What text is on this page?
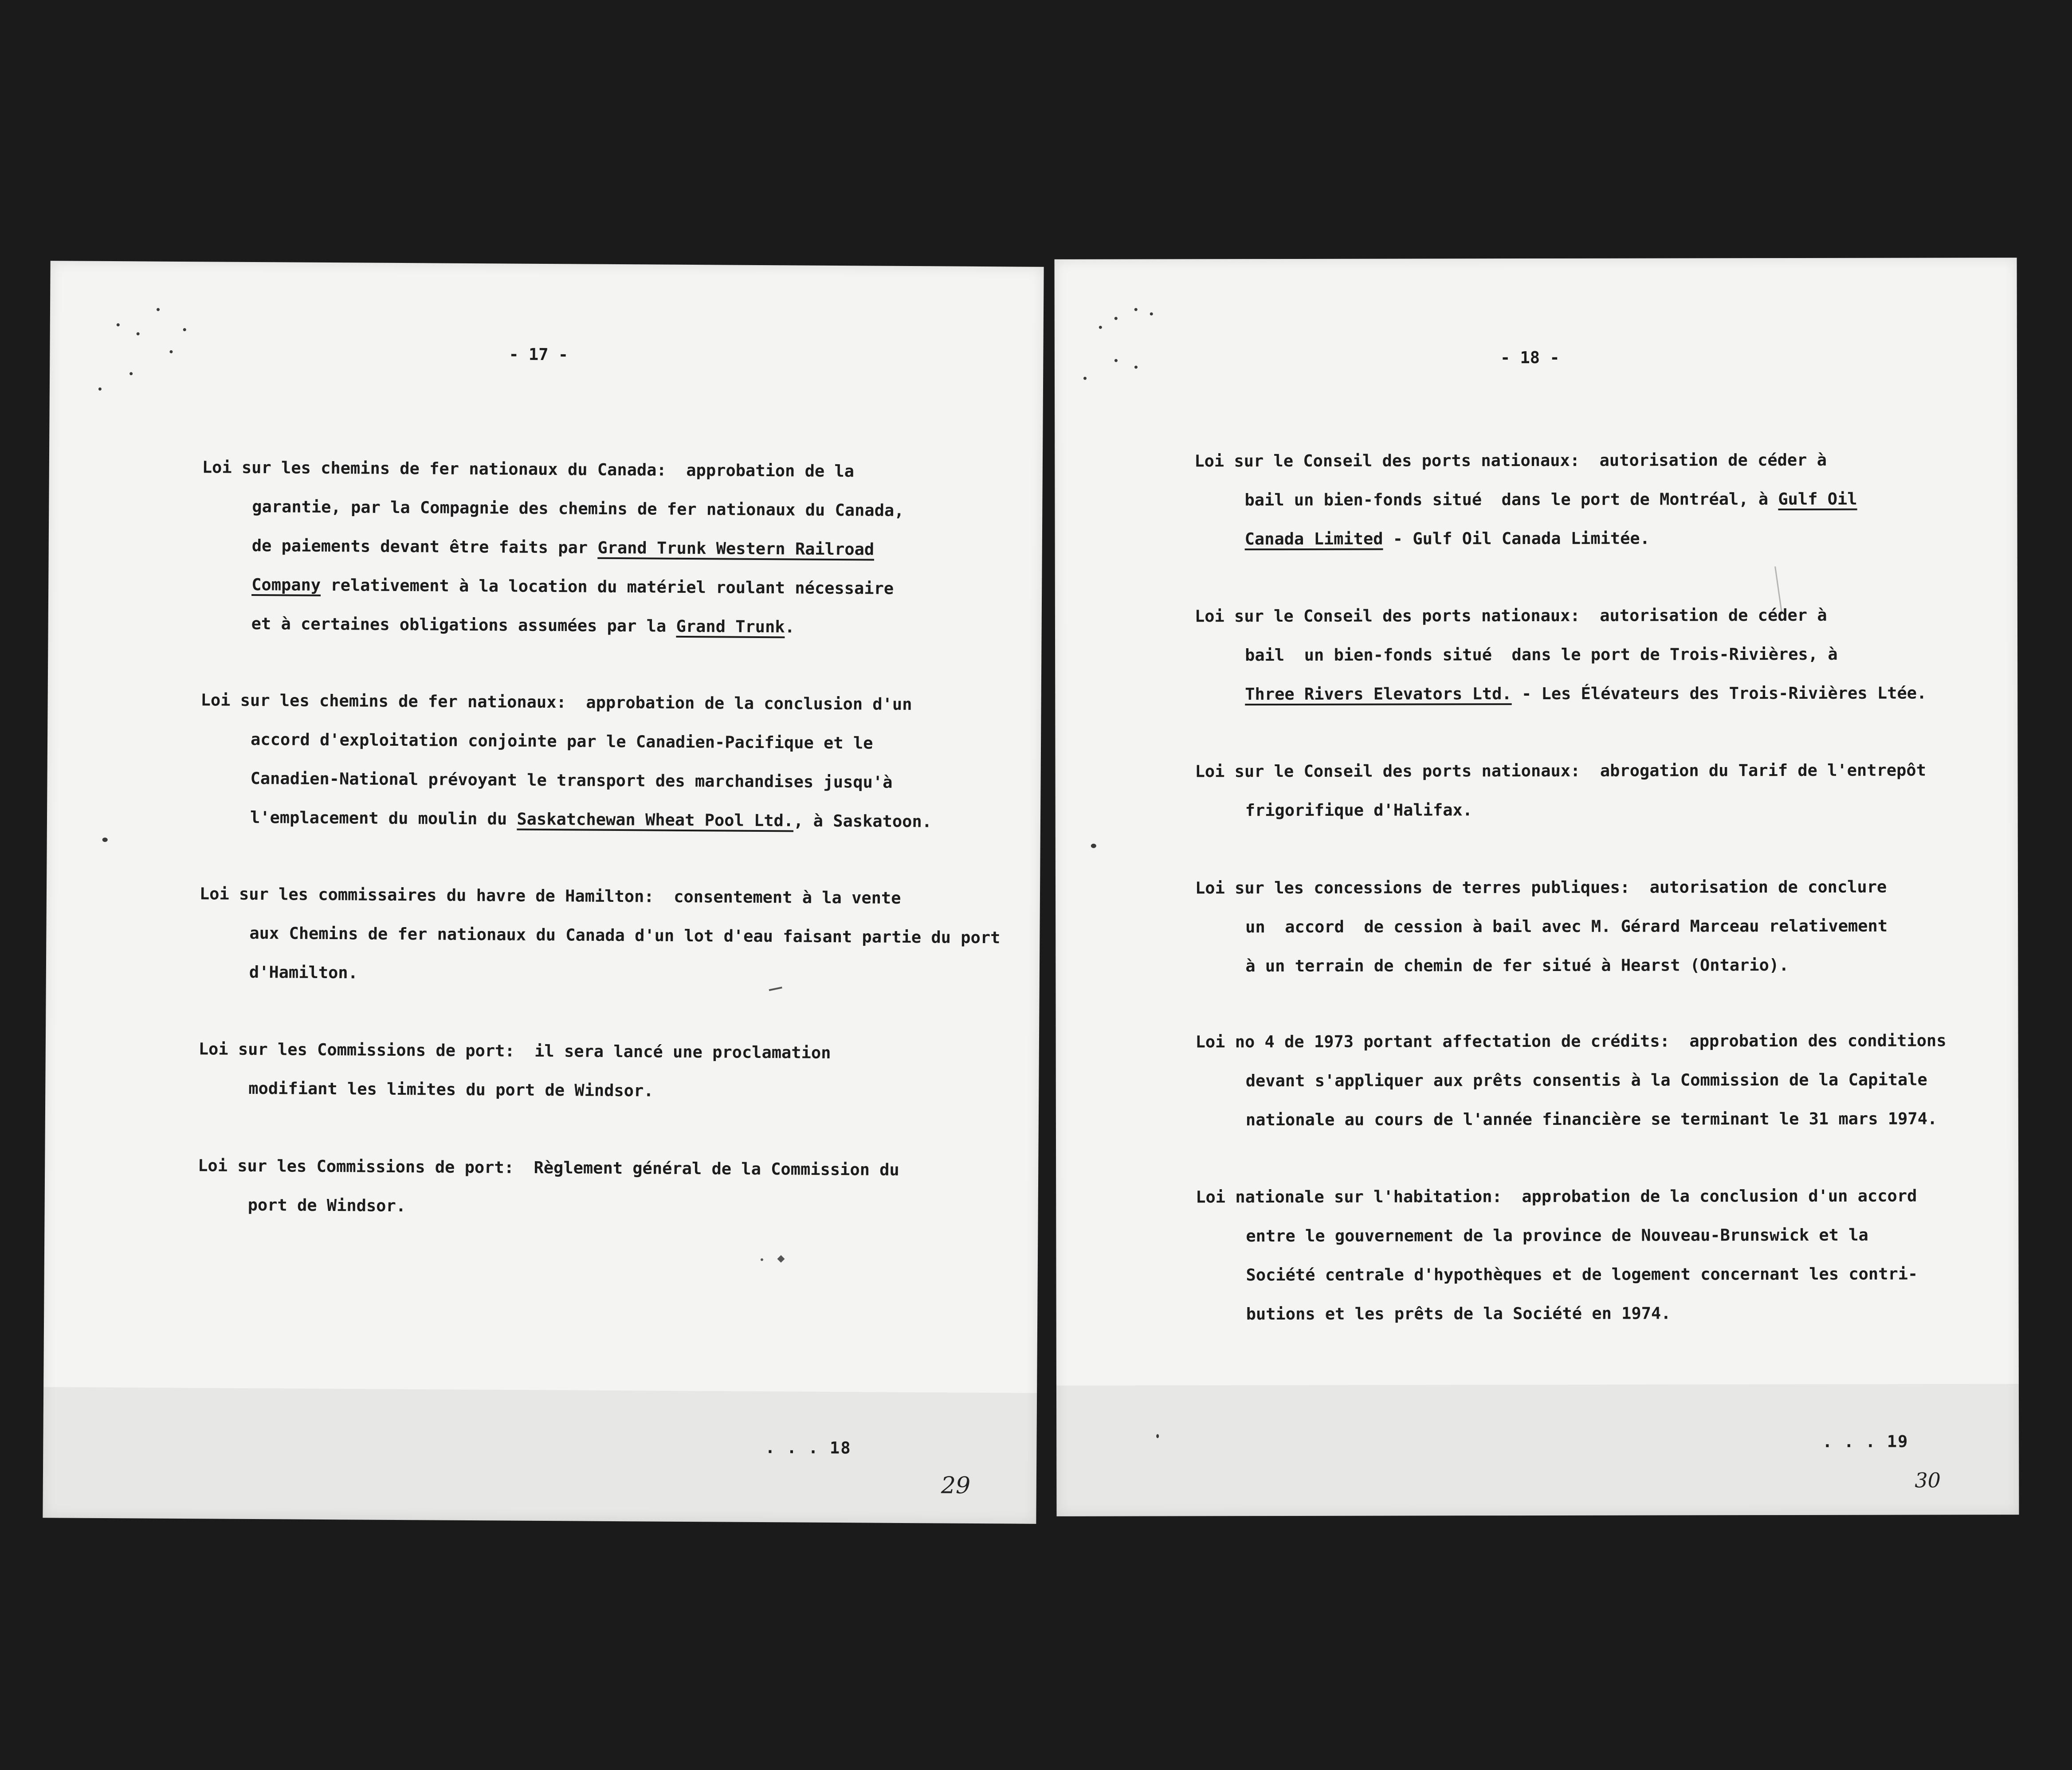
- 17 -
Loi sur les chemins de fer nationaux du Canada:  approbation de la
garantie, par la Compagnie des chemins de fer nationaux du Canada,
de paiements devant être faits par Grand Trunk Western Railroad
Company relativement à la location du matériel roulant nécessaire
et à certaines obligations assumées par la Grand Trunk.
Loi sur les chemins de fer nationaux:  approbation de la conclusion d'un
accord d'exploitation conjointe par le Canadien-Pacifique et le
Canadien-National prévoyant le transport des marchandises jusqu'à
l'emplacement du moulin du Saskatchewan Wheat Pool Ltd., à Saskatoon.
Loi sur les commissaires du havre de Hamilton:  consentement à la vente
aux Chemins de fer nationaux du Canada d'un lot d'eau faisant partie du port
d'Hamilton.
Loi sur les Commissions de port:  il sera lancé une proclamation
modifiant les limites du port de Windsor.
Loi sur les Commissions de port:  Règlement général de la Commission du
port de Windsor.
. . . 18
29
- 18 -
Loi sur le Conseil des ports nationaux:  autorisation de céder à
bail un bien-fonds situé  dans le port de Montréal, à Gulf Oil
Canada Limited - Gulf Oil Canada Limitée.
Loi sur le Conseil des ports nationaux:  autorisation de céder à
bail  un bien-fonds situé  dans le port de Trois-Rivières, à
Three Rivers Elevators Ltd. - Les Élévateurs des Trois-Rivières Ltée.
Loi sur le Conseil des ports nationaux:  abrogation du Tarif de l'entrepôt
frigorifique d'Halifax.
Loi sur les concessions de terres publiques:  autorisation de conclure
un  accord  de cession à bail avec M. Gérard Marceau relativement
à un terrain de chemin de fer situé à Hearst (Ontario).
Loi no 4 de 1973 portant affectation de crédits:  approbation des conditions
devant s'appliquer aux prêts consentis à la Commission de la Capitale
nationale au cours de l'année financière se terminant le 31 mars 1974.
Loi nationale sur l'habitation:  approbation de la conclusion d'un accord
entre le gouvernement de la province de Nouveau-Brunswick et la
Société centrale d'hypothèques et de logement concernant les contri-
butions et les prêts de la Société en 1974.
. . . 19
30
